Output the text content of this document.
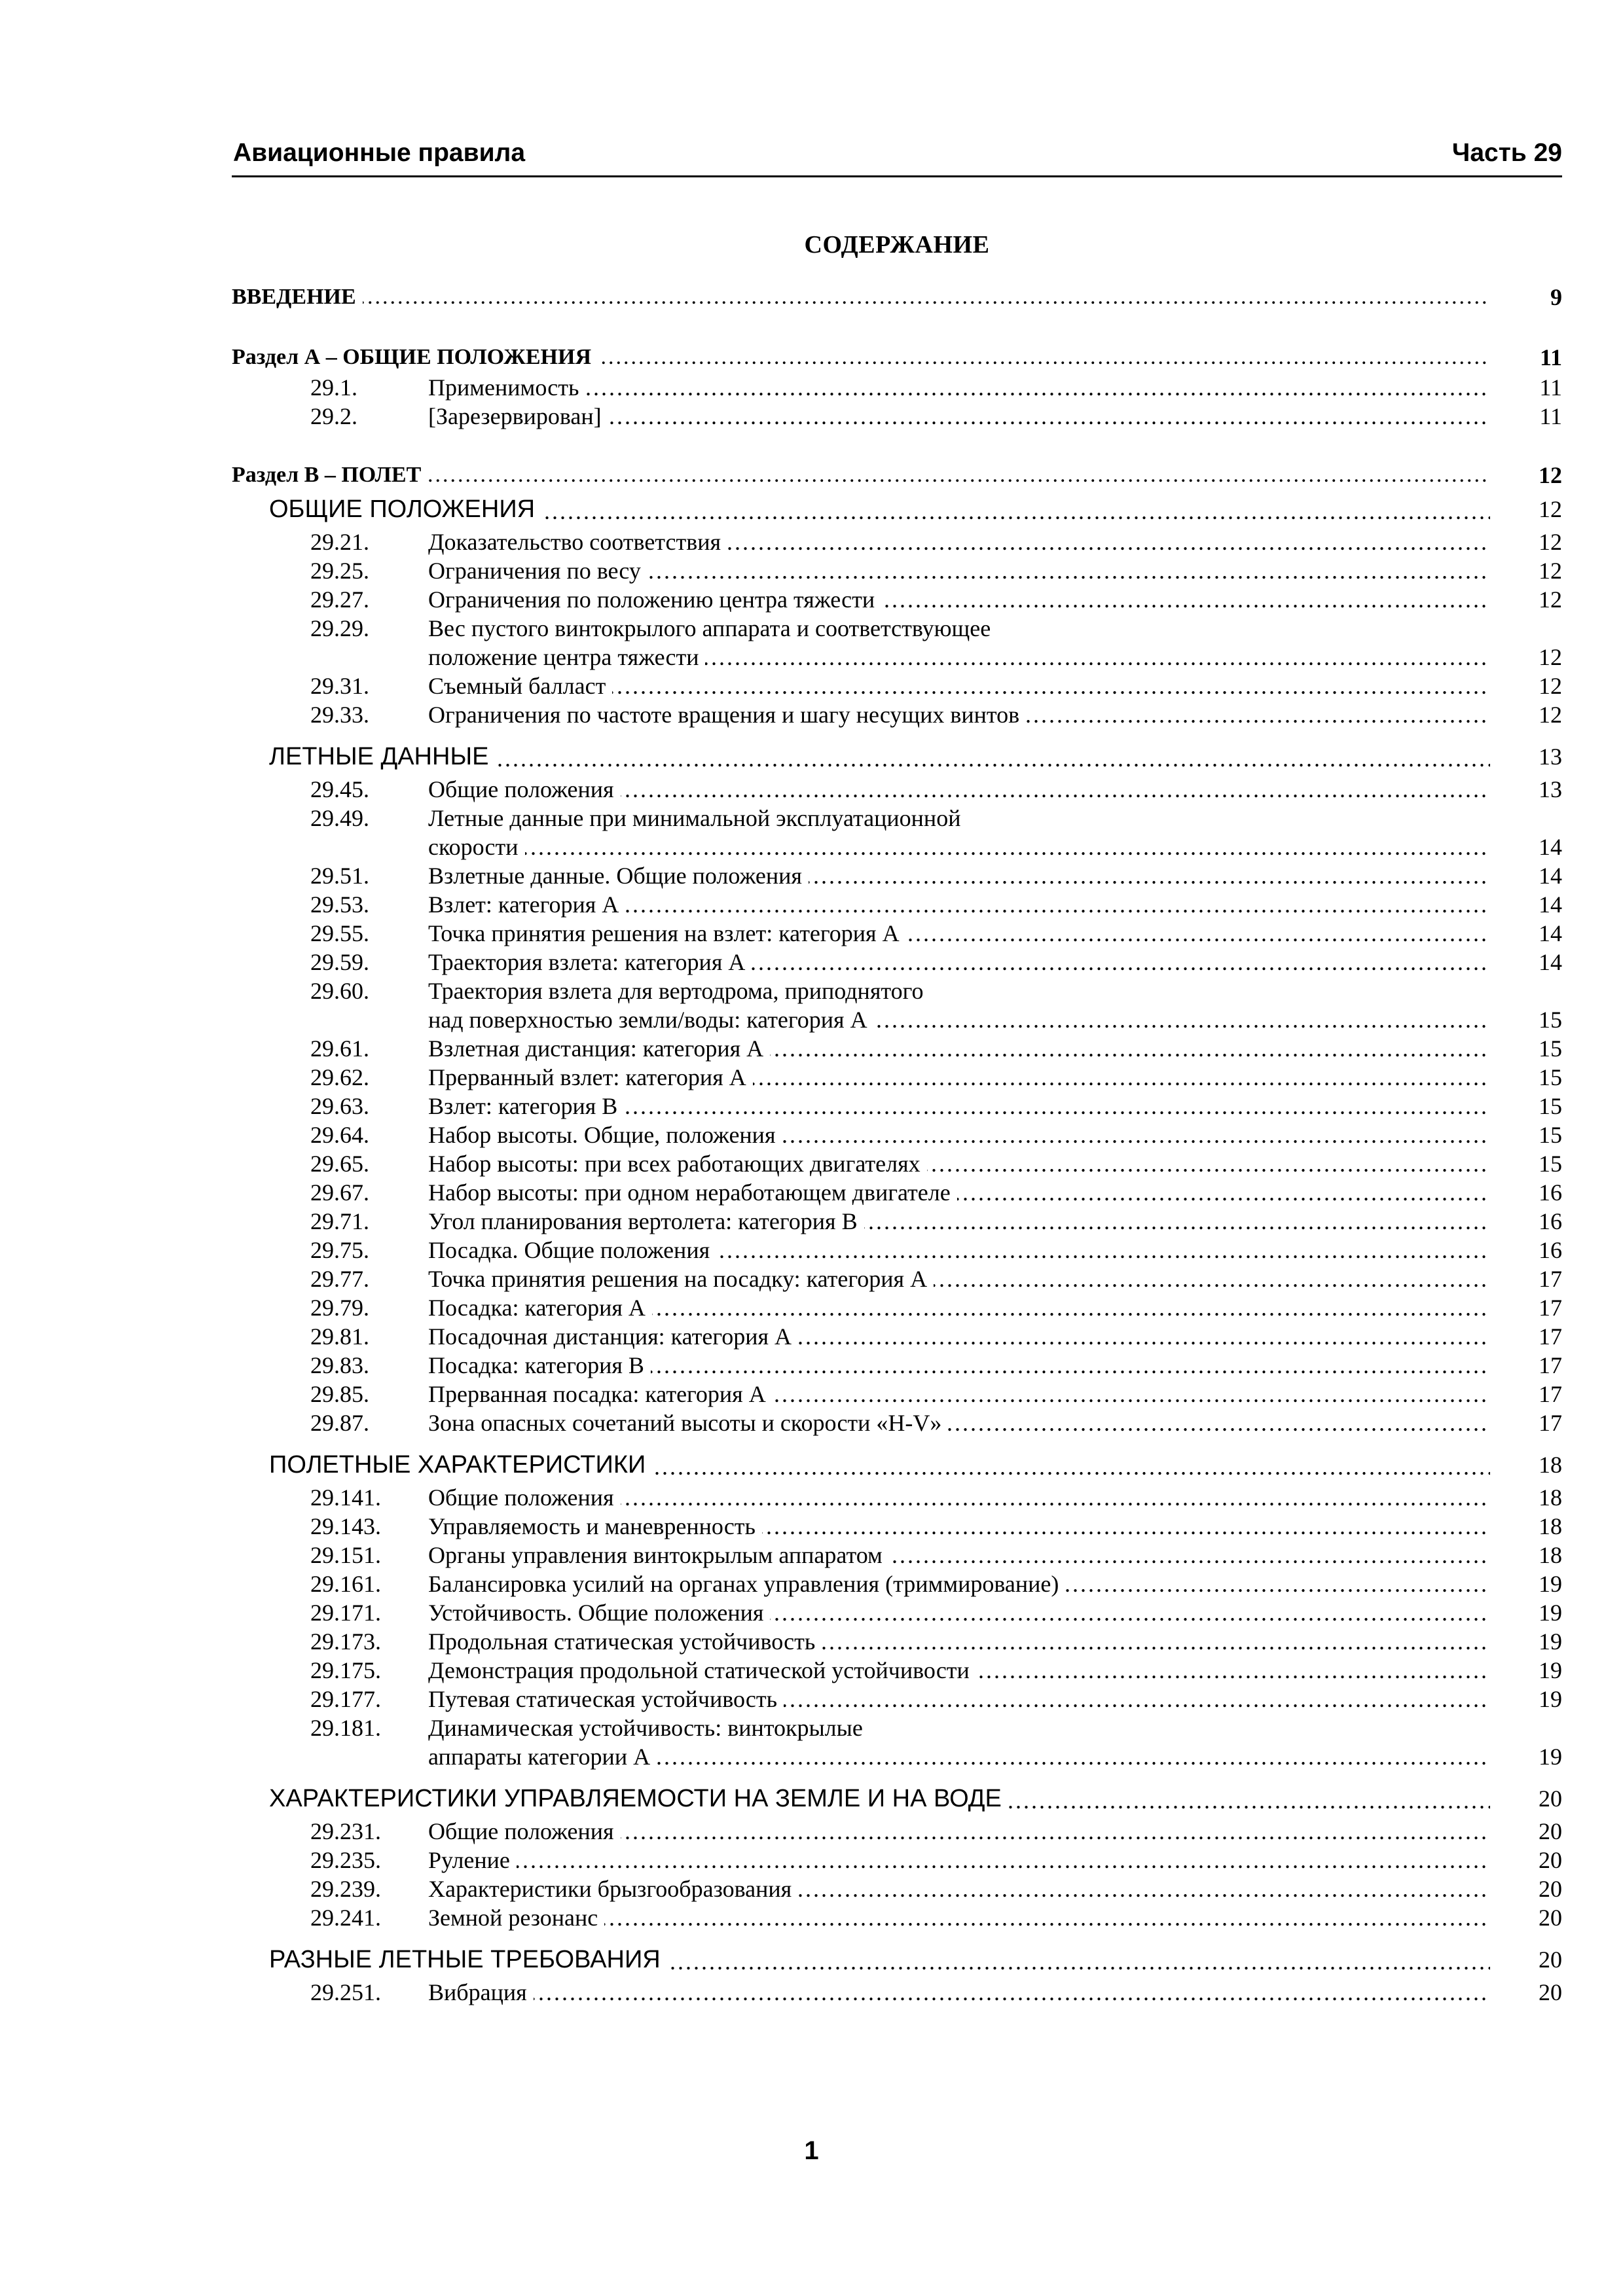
Авиационные правила	Часть 29
СОДЕРЖАНИЕ
ВВЕДЕНИЕ .....	9
Раздел А – ОБЩИЕ ПОЛОЖЕНИЯ .....	11
29.1.	Применимость .....	11
29.2.	[Зарезервирован] .....	11
Раздел В – ПОЛЕТ .....	12
ОБЩИЕ ПОЛОЖЕНИЯ .....	12
29.21.	Доказательство соответствия .....	12
29.25.	Ограничения по весу .....	12
29.27.	Ограничения по положению центра тяжести .....	12
29.29.	Вес пустого винтокрылого аппарата и соответствующее
положение центра тяжести .....	12
29.31.	Съемный балласт .....	12
29.33.	Ограничения по частоте вращения и шагу несущих винтов .....	12
ЛЕТНЫЕ ДАННЫЕ .....	13
29.45.	Общие положения .....	13
29.49.	Летные данные при минимальной эксплуатационной
скорости .....	14
29.51.	Взлетные данные. Общие положения .....	14
29.53.	Взлет: категория А .....	14
29.55.	Точка принятия решения на взлет: категория А .....	14
29.59.	Траектория взлета: категория А .....	14
29.60.	Траектория взлета для вертодрома, приподнятого
над поверхностью земли/воды: категория А .....	15
29.61.	Взлетная дистанция: категория А .....	15
29.62.	Прерванный взлет: категория А .....	15
29.63.	Взлет: категория В .....	15
29.64.	Набор высоты. Общие, положения .....	15
29.65.	Набор высоты: при всех работающих двигателях .....	15
29.67.	Набор высоты: при одном неработающем двигателе .....	16
29.71.	Угол планирования вертолета: категория В .....	16
29.75.	Посадка. Общие положения .....	16
29.77.	Точка принятия решения на посадку: категория А .....	17
29.79.	Посадка: категория А .....	17
29.81.	Посадочная дистанция: категория А .....	17
29.83.	Посадка: категория В .....	17
29.85.	Прерванная посадка: категория А .....	17
29.87.	Зона опасных сочетаний высоты и скорости «H-V» .....	17
ПОЛЕТНЫЕ ХАРАКТЕРИСТИКИ .....	18
29.141. Общие положения .....	18
29.143. Управляемость и маневренность .....	18
29.151. Органы управления винтокрылым аппаратом .....	18
29.161. Балансировка усилий на органах управления (триммирование) .....	19
29.171. Устойчивость. Общие положения .....	19
29.173. Продольная статическая устойчивость .....	19
29.175. Демонстрация продольной статической устойчивости .....	19
29.177. Путевая статическая устойчивость .....	19
29.181. Динамическая устойчивость: винтокрылые
аппараты категории А .....	19
ХАРАКТЕРИСТИКИ УПРАВЛЯЕМОСТИ НА ЗЕМЛЕ И НА ВОДЕ .....	20
29.231. Общие положения .....	20
29.235. Руление .....	20
29.239. Характеристики брызгообразования .....	20
29.241. Земной резонанс .....	20
РАЗНЫЕ ЛЕТНЫЕ ТРЕБОВАНИЯ .....	20
29.251. Вибрация .....	20
1
